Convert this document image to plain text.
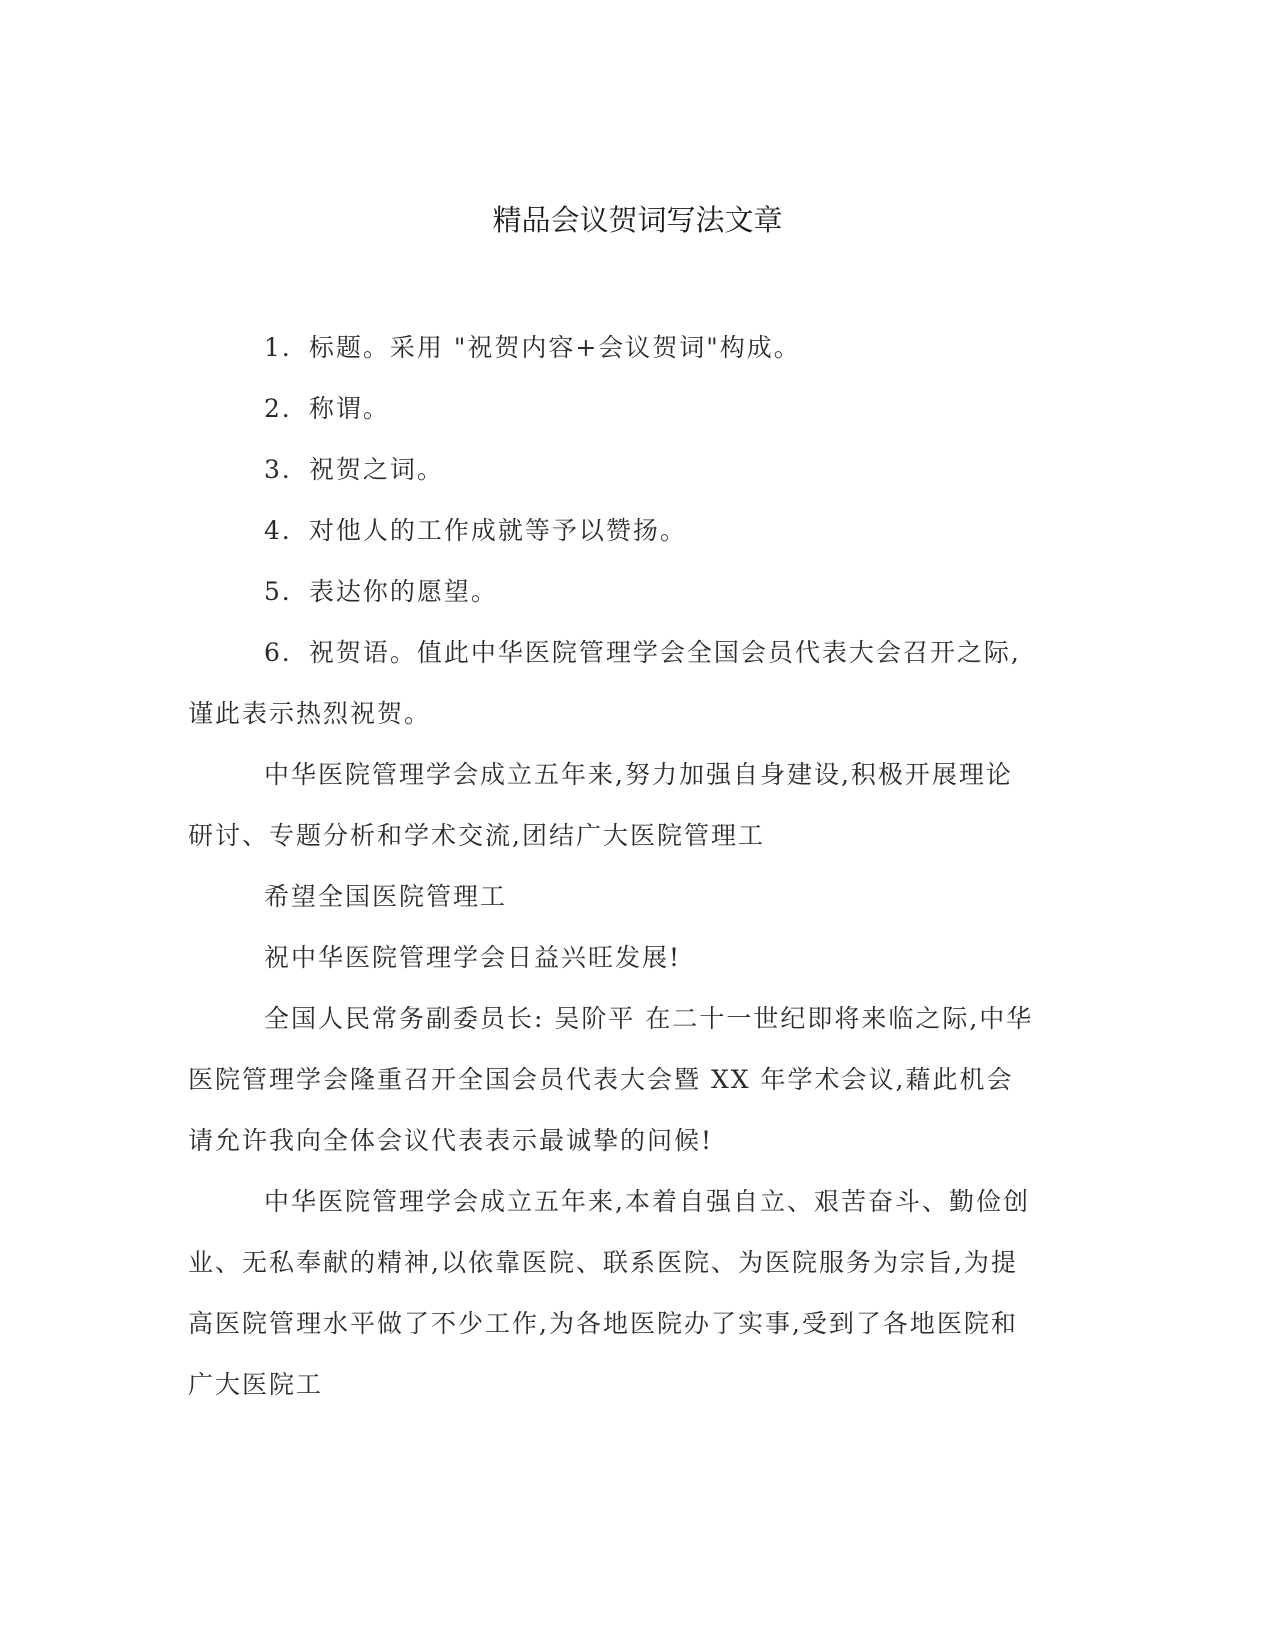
精品会议贺词写法文章

1．标题。采用 "祝贺内容+会议贺词"构成。

2．称谓。

3．祝贺之词。

4．对他人的工作成就等予以赞扬。

5．表达你的愿望。

6．祝贺语。值此中华医院管理学会全国会员代表大会召开之际,

谨此表示热烈祝贺。

中华医院管理学会成立五年来,努力加强自身建设,积极开展理论

研讨、专题分析和学术交流,团结广大医院管理工

希望全国医院管理工

祝中华医院管理学会日益兴旺发展!

全国人民常务副委员长: 吴阶平 在二十一世纪即将来临之际,中华

医院管理学会隆重召开全国会员代表大会暨 XX 年学术会议,藉此机会

请允许我向全体会议代表表示最诚挚的问候!

中华医院管理学会成立五年来,本着自强自立、艰苦奋斗、勤俭创

业、无私奉献的精神,以依靠医院、联系医院、为医院服务为宗旨,为提

高医院管理水平做了不少工作,为各地医院办了实事,受到了各地医院和

广大医院工
